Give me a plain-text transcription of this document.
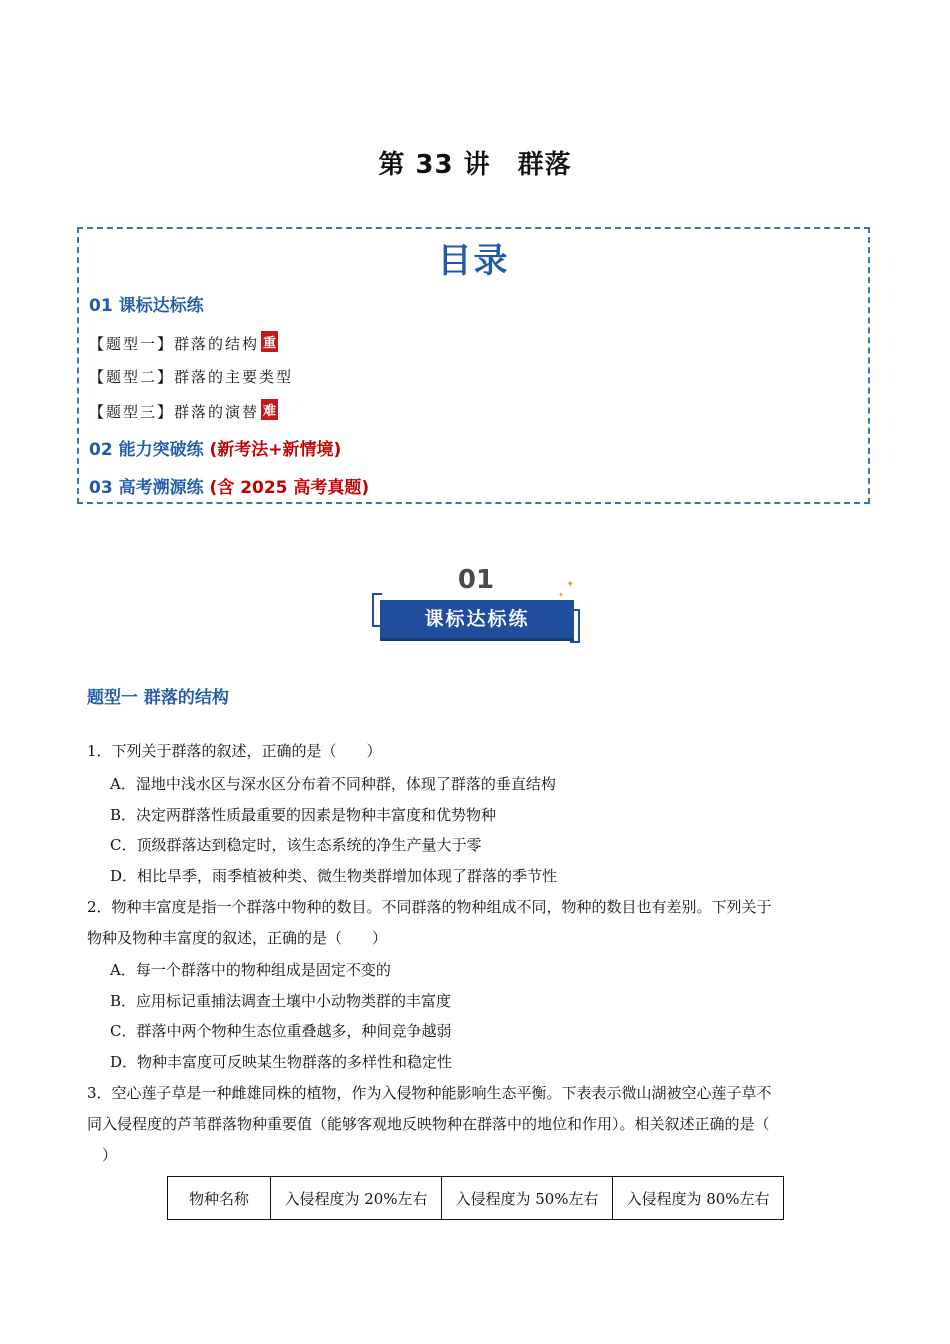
第 33 讲　群落
目录
01 课标达标练
【题型一】群落的结构 重
【题型二】群落的主要类型
【题型三】群落的演替 难
02 能力突破练 (新考法+新情境)
03 高考溯源练 (含 2025 高考真题)
01
课标达标练
✦
✦
题型一 群落的结构
1．下列关于群落的叙述，正确的是（　　）
A．湿地中浅水区与深水区分布着不同种群，体现了群落的垂直结构
B．决定两群落性质最重要的因素是物种丰富度和优势物种
C．顶级群落达到稳定时，该生态系统的净生产量大于零
D．相比旱季，雨季植被种类、微生物类群增加体现了群落的季节性
2．物种丰富度是指一个群落中物种的数目。不同群落的物种组成不同，物种的数目也有差别。下列关于
物种及物种丰富度的叙述，正确的是（　　）
A．每一个群落中的物种组成是固定不变的
B．应用标记重捕法调查土壤中小动物类群的丰富度
C．群落中两个物种生态位重叠越多，种间竞争越弱
D．物种丰富度可反映某生物群落的多样性和稳定性
3．空心莲子草是一种雌雄同株的植物，作为入侵物种能影响生态平衡。下表表示微山湖被空心莲子草不
同入侵程度的芦苇群落物种重要值（能够客观地反映物种在群落中的地位和作用）。相关叙述正确的是（
　）
物种名称	入侵程度为 20%左右	入侵程度为 50%左右	入侵程度为 80%左右
